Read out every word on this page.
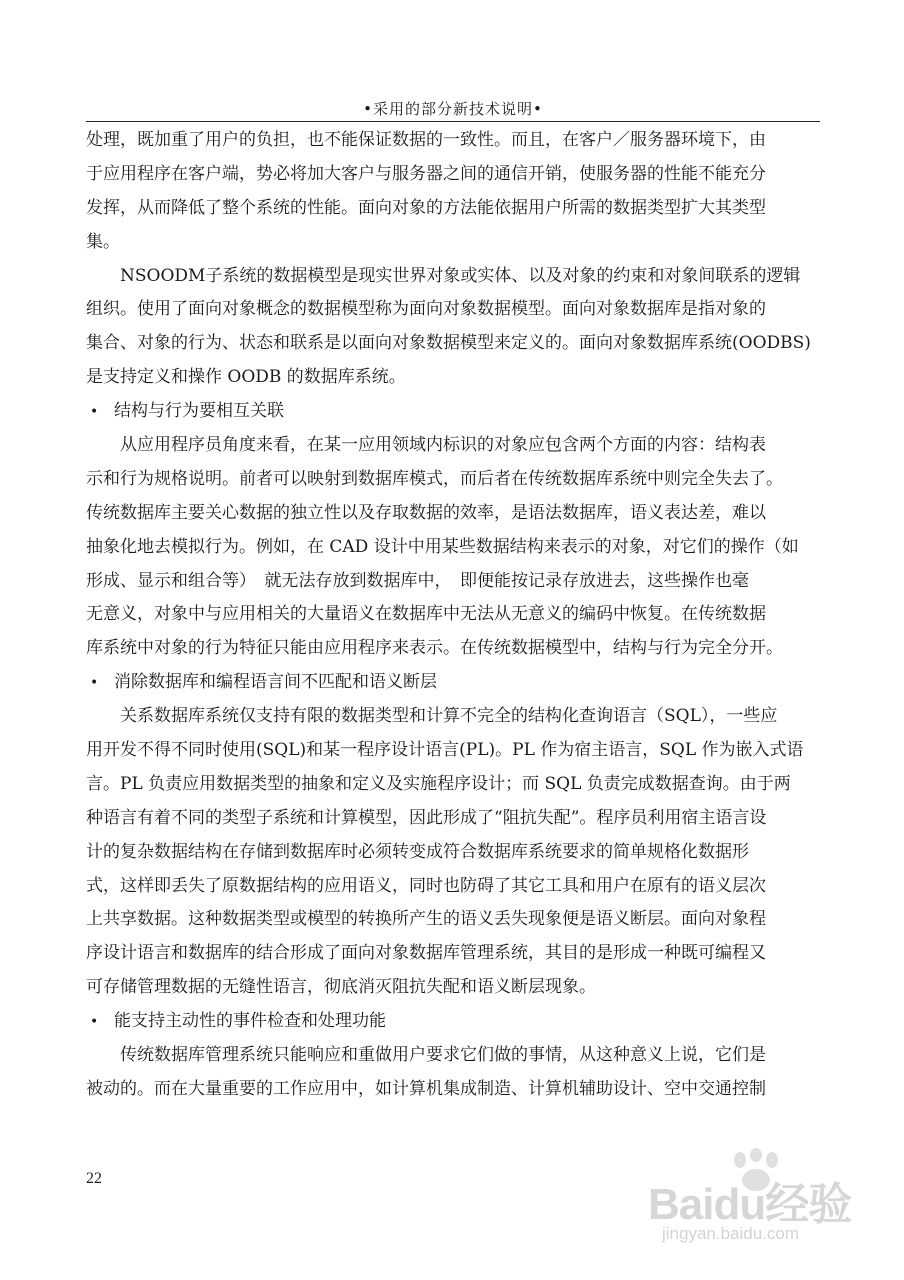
•采用的部分新技术说明•
处理，既加重了用户的负担，也不能保证数据的一致性。而且，在客户／服务器环境下，由
于应用程序在客户端，势必将加大客户与服务器之间的通信开销，使服务器的性能不能充分
发挥，从而降低了整个系统的性能。面向对象的方法能依据用户所需的数据类型扩大其类型
集。
NSOODM子系统的数据模型是现实世界对象或实体、以及对象的约束和对象间联系的逻辑
组织。使用了面向对象概念的数据模型称为面向对象数据模型。面向对象数据库是指对象的
集合、对象的行为、状态和联系是以面向对象数据模型来定义的。面向对象数据库系统(OODBS)
是支持定义和操作 OODB 的数据库系统。
• 结构与行为要相互关联
从应用程序员角度来看，在某一应用领域内标识的对象应包含两个方面的内容：结构表
示和行为规格说明。前者可以映射到数据库模式，而后者在传统数据库系统中则完全失去了。
传统数据库主要关心数据的独立性以及存取数据的效率，是语法数据库，语义表达差，难以
抽象化地去模拟行为。例如，在 CAD 设计中用某些数据结构来表示的对象，对它们的操作（如
形成、显示和组合等）　就无法存放到数据库中，　即便能按记录存放进去，这些操作也毫
无意义，对象中与应用相关的大量语义在数据库中无法从无意义的编码中恢复。在传统数据
库系统中对象的行为特征只能由应用程序来表示。在传统数据模型中，结构与行为完全分开。
• 消除数据库和编程语言间不匹配和语义断层
关系数据库系统仅支持有限的数据类型和计算不完全的结构化查询语言（SQL），一些应
用开发不得不同时使用(SQL)和某一程序设计语言(PL)。PL 作为宿主语言，SQL 作为嵌入式语
言。PL 负责应用数据类型的抽象和定义及实施程序设计；而 SQL 负责完成数据查询。由于两
种语言有着不同的类型子系统和计算模型，因此形成了“阻抗失配”。程序员利用宿主语言设
计的复杂数据结构在存储到数据库时必须转变成符合数据库系统要求的简单规格化数据形
式，这样即丢失了原数据结构的应用语义，同时也防碍了其它工具和用户在原有的语义层次
上共享数据。这种数据类型或模型的转换所产生的语义丢失现象便是语义断层。面向对象程
序设计语言和数据库的结合形成了面向对象数据库管理系统，其目的是形成一种既可编程又
可存储管理数据的无缝性语言，彻底消灭阻抗失配和语义断层现象。
• 能支持主动性的事件检查和处理功能
传统数据库管理系统只能响应和重做用户要求它们做的事情，从这种意义上说，它们是
被动的。而在大量重要的工作应用中，如计算机集成制造、计算机辅助设计、空中交通控制
22
Baidu经验
jingyan.baidu.com
